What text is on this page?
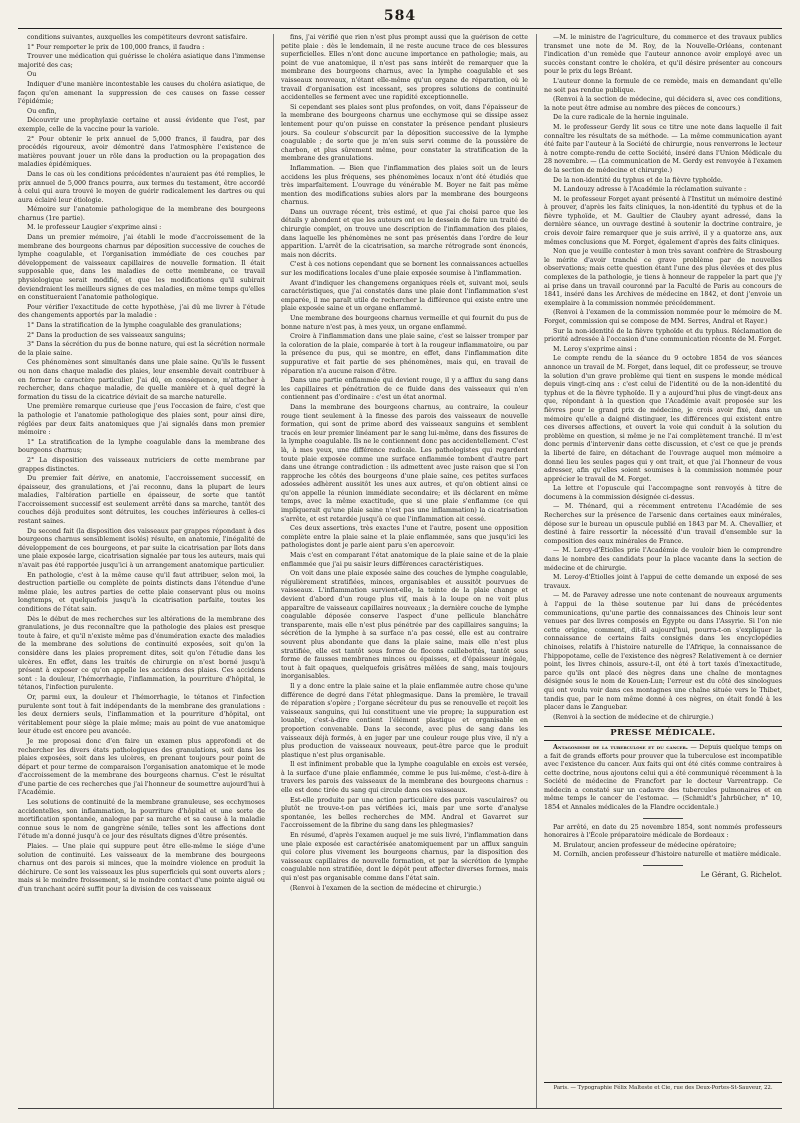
584

conditions suivantes, auxquelles les compétiteurs devront satisfaire.

1° Pour remporter le prix de 100,000 francs, il faudra :

Trouver une médication qui guérisse le choléra asiatique dans l'immense majorité des cas;

Ou

Indiquer d'une manière incontestable les causes du choléra asiatique, de façon qu'en amenant la suppression de ces causes on fasse cesser l'épidémie;

Ou enfin,

Découvrir une prophylaxie certaine et aussi évidente que l'est, par exemple, celle de la vaccine pour la variole.

2° Pour obtenir le prix annuel de 5,000 francs, il faudra, par des procédés rigoureux, avoir démontré dans l'atmosphère l'existence de matières pouvant jouer un rôle dans la production ou la propagation des maladies épidémiques.

Dans le cas où les conditions précédentes n'auraient pas été remplies, le prix annuel de 5,000 francs pourra, aux termes du testament, être accordé à celui qui aura trouvé le moyen de guérir radicalement les dartres ou qui aura éclairé leur étiologie.

Mémoire sur l'anatomie pathologique de la membrane des bourgeons charnus (1re partie).

M. le professeur Laugier s'exprime ainsi :

Dans un premier mémoire, j'ai établi le mode d'accroissement de la membrane des bourgeons charnus par déposition successive de couches de lymphe coagulable, et l'organisation immédiate de ces couches par développement de vaisseaux capillaires de nouvelle formation. Il était supposable que, dans les maladies de cette membrane, ce travail physiologique serait modifié, et que les modifications qu'il subirait deviendraient les meilleurs signes de ces maladies, en même temps qu'elles en constitueraient l'anatomie pathologique.

Pour vérifier l'exactitude de cette hypothèse, j'ai dû me livrer à l'étude des changements apportés par la maladie :

1° Dans la stratification de la lymphe coagulable des granulations;

2° Dans la production de ses vaisseaux sanguins;

3° Dans la sécrétion du pus de bonne nature, qui est la sécrétion normale de la plaie saine.

Ces phénomènes sont simultanés dans une plaie saine. Qu'ils le fussent ou non dans chaque maladie des plaies, leur ensemble devait contribuer à en former le caractère particulier. J'ai dû, en conséquence, m'attacher à rechercher, dans chaque maladie, de quelle manière et à quel degré la formation du tissu de la cicatrice déviait de sa marche naturelle.

Une première remarque curieuse que j'eus l'occasion de faire, c'est que la pathologie et l'anatomie pathologique des plaies sont, pour ainsi dire, réglées par deux faits anatomiques que j'ai signalés dans mon premier mémoire :

1° La stratification de la lymphe coagulable dans la membrane des bourgeons charnus;

2° La disposition des vaisseaux nutriciers de cette membrane par grappes distinctes.

Du premier fait dérive, en anatomie, l'accroissement successif, en épaisseur, des granulations, et j'ai reconnu, dans la plupart de leurs maladies, l'altération partielle en épaisseur, de sorte que tantôt l'accroissement successif est seulement arrêté dans sa marche, tantôt des couches déjà produites sont détruites, les couches inférieures à celles-ci restant saines.

Du second fait (la disposition des vaisseaux par grappes répondant à des bourgeons charnus sensiblement isolés) résulte, en anatomie, l'inégalité de développement de ces bourgeons, et par suite la cicatrisation par îlots dans une plaie exposée large, cicatrisation signalée par tous les auteurs, mais qui n'avait pas été rapportée jusqu'ici à un arrangement anatomique particulier.

En pathologie, c'est à la même cause qu'il faut attribuer, selon moi, la destruction partielle ou complète de points distincts dans l'étendue d'une même plaie, les autres parties de cette plaie conservant plus ou moins longtemps, et quelquefois jusqu'à la cicatrisation parfaite, toutes les conditions de l'état sain.

Dès le début de mes recherches sur les altérations de la membrane des granulations, je dus reconnaître que la pathologie des plaies est presque toute à faire, et qu'il n'existe même pas d'énumération exacte des maladies de la membrane des solutions de continuité exposées, soit qu'on la considère dans les plaies proprement dites, soit qu'on l'étudie dans les ulcères. En effet, dans les traités de chirurgie on n'est borné jusqu'à présent à exposer ce qu'on appelle les accidens des plaies. Ces accidens sont : la douleur, l'hémorrhagie, l'inflammation, la pourriture d'hôpital, le tétanos, l'infection purulente.

Or, parmi eux, la douleur et l'hémorrhagie, le tétanos et l'infection purulente sont tout à fait indépendants de la membrane des granulations : les deux derniers seuls, l'inflammation et la pourriture d'hôpital, ont véritablement pour siège la plaie même; mais au point de vue anatomique leur étude est encore peu avancée.

Je me proposai donc d'en faire un examen plus approfondi et de rechercher les divers états pathologiques des granulations, soit dans les plaies exposées, soit dans les ulcères, en prenant toujours pour point de départ et pour terme de comparaison l'organisation anatomique et le mode d'accroissement de la membrane des bourgeons charnus. C'est le résultat d'une partie de ces recherches que j'ai l'honneur de soumettre aujourd'hui à l'Académie.

Les solutions de continuité de la membrane granuleuse, ses ecchymoses accidentelles, son inflammation, la pourriture d'hôpital et une sorte de mortification spontanée, analogue par sa marche et sa cause à la maladie connue sous le nom de gangrène sénile, telles sont les affections dont l'étude m'a donné jusqu'à ce jour des résultats dignes d'être présentés.

Plaies. — Une plaie qui suppure peut être elle-même le siége d'une solution de continuité. Les vaisseaux de la membrane des bourgeons charnus ont des parois si minces, que la moindre violence en produit la déchirure. Ce sont les vaisseaux les plus superficiels qui sont ouverts alors ; mais si le moindre froissement, si le moindre contact d'une pointe aiguë ou d'un tranchant acéré suffit pour la division de ces vaisseaux

fins, j'ai vérifié que rien n'est plus prompt aussi que la guérison de cette petite plaie : dès le lendemain, il ne reste aucune trace de ces blessures superficielles. Elles n'ont donc aucune importance en pathologie; mais, au point de vue anatomique, il n'est pas sans intérêt de remarquer que la membrane des bourgeons charnus, avec la lymphe coagulable et ses vaisseaux nouveaux, n'étant elle-même qu'un organe de réparation, où le travail d'organisation est incessant, ses propres solutions de continuité accidentelles se ferment avec une rapidité exceptionnelle.

Si cependant ses plaies sont plus profondes, on voit, dans l'épaisseur de la membrane des bourgeons charnus une ecchymose qui se dissipe assez lentement pour qu'on puisse en constater la présence pendant plusieurs jours. Sa couleur s'obscurcit par la déposition successive de la lymphe coagulable ; de sorte que je m'en suis servi comme de la poussière de charbon, et plus sûrement même, pour constater la stratification de la membrane des granulations.

Inflammation. — Bien que l'inflammation des plaies soit un de leurs accidens les plus fréquens, ses phénomènes locaux n'ont été étudiés que très imparfaitement. L'ouvrage du vénérable M. Boyer ne fait pas même mention des modifications subies alors par la membrane des bourgeons charnus.

Dans un ouvrage récent, très estimé, et que j'ai choisi parce que les détails y abondent et que les auteurs ont eu le dessein de faire un traité de chirurgie complet, on trouve une description de l'inflammation des plaies, dans laquelle les phénomènes ne sont pas présentés dans l'ordre de leur apparition. L'arrêt de la cicatrisation, sa marche rétrograde sont énoncés, mais non décrits.

C'est à ces notions cependant que se bornent les connaissances actuelles sur les modifications locales d'une plaie exposée soumise à l'inflammation.

Avant d'indiquer les changemens organiques réels et, suivant moi, seuls caractéristiques, que j'ai constatés dans une plaie dont l'inflammation s'est emparée, il me paraît utile de rechercher la différence qui existe entre une plaie exposée saine et un organe enflammé.

Une membrane des bourgeons charnus vermeille et qui fournit du pus de bonne nature n'est pas, à mes yeux, un organe enflammé.

Croire à l'inflammation dans une plaie saine, c'est se laisser tromper par la coloration de la plaie, comparée à tort à la rougeur inflammatoire, ou par la présence du pus, qui se montre, en effet, dans l'inflammation dite suppurative et fait partie de ses phénomènes, mais qui, en travail de réparation n'a aucune raison d'être.

Dans une partie enflammée qui devient rouge, il y a afflux du sang dans les capillaires et pénétration de ce fluide dans des vaisseaux qui n'en contiennent pas d'ordinaire : c'est un état anormal.

Dans la membrane des bourgeons charnus, au contraire, la couleur rouge tient seulement à la finesse des parois des vaisseaux de nouvelle formation, qui sont de prime abord des vaisseaux sanguins et semblent tracés en leur premier linéament par le sang lui-même, dans des fissures de la lymphe coagulable. Ils ne le contiennent donc pas accidentellement. C'est là, à mes yeux, une différence radicale. Les pathologistes qui regardent toute plaie exposée comme une surface enflammée tombent d'autre part dans une étrange contradiction : ils admettent avec juste raison que si l'on rapproche les côtés des bourgeons d'une plaie saine, ces petites surfaces adossées adhèrent aussitôt les unes aux autres, et qu'on obtient ainsi ce qu'on appelle la réunion immédiate secondaire; et ils déclarent en même temps, avec la même exactitude, que si une plaie s'enflamme (ce qui impliquerait qu'une plaie saine n'est pas une inflammation) la cicatrisation s'arrête, et est retardée jusqu'à ce que l'inflammation ait cessé.

Ces deux assertions, très exactes l'une et l'autre, posent une opposition complète entre la plaie saine et la plaie enflammée, sans que jusqu'ici les pathologistes dont je parle aient paru s'en apercevoir.

Mais c'est en comparant l'état anatomique de la plaie saine et de la plaie enflammée que j'ai pu saisir leurs différences caractéristiques.

On voit dans une plaie exposée saine des couches de lymphe coagulable, régulièrement stratifiées, minces, organisables et aussitôt pourvues de vaisseaux. L'inflammation survient-elle, la teinte de la plaie change et devient d'abord d'un rouge plus vif, mais à la loupe on ne voit plus apparaître de vaisseaux capillaires nouveaux ; la dernière couche de lymphe coagulable déposée conserve l'aspect d'une pellicule blanchâtre transparente, mais elle n'est plus pénétrée par des capillaires sanguins; la sécrétion de la lymphe à sa surface n'a pas cessé, elle est au contraire souvent plus abondante que dans la plaie saine, mais elle n'est plus stratifiée, elle est tantôt sous forme de flocons caillebottés, tantôt sous forme de fausses membranes minces ou épaisses, et d'épaisseur inégale, tout à fait opaques, quelquefois grisâtres mêlées de sang, mais toujours inorganisables.

Il y a donc entre la plaie saine et la plaie enflammée autre chose qu'une différence de degré dans l'état phlegmasique. Dans la première, le travail de réparation s'opère ; l'organe sécréteur du pus se renouvelle et reçoit les vaisseaux sanguins, qui lui constituent une vie propre; la suppuration est louable, c'est-à-dire contient l'élément plastique et organisable en proportion convenable. Dans la seconde, avec plus de sang dans les vaisseaux déjà formés, à en juger par une couleur rouge plus vive, il n'y a plus production de vaisseaux nouveaux, peut-être parce que le produit plastique n'est plus organisable.

Il est infiniment probable que la lymphe coagulable en excès est versée, à la surface d'une plaie enflammée, comme le pus lui-même, c'est-à-dire à travers les parois des vaisseaux de la membrane des bourgeons charnus : elle est donc tirée du sang qui circule dans ces vaisseaux.

Est-elle produite par une action particulière des parois vasculaires? ou plutôt ne trouve-t-on pas vérifiées ici, mais par une sorte d'analyse spontanée, les belles recherches de MM. Andral et Gavarret sur l'accroissement de la fibrine du sang dans les phlegmasies?

En résumé, d'après l'examen auquel je me suis livré, l'inflammation dans une plaie exposée est caractérisée anatomiquement par un afflux sanguin qui colore plus vivement les bourgeons charnus, par la disposition des vaisseaux capillaires de nouvelle formation, et par la sécrétion de lymphe coagulable non stratifiée, dont le dépôt peut affecter diverses formes, mais qui n'est pas organisable comme dans l'état sain.

(Renvoi à l'examen de la section de médecine et chirurgie.)

—M. le ministre de l'agriculture, du commerce et des travaux publics transmet une note de M. Roy, de la Nouvelle-Orléans, contenant l'indication d'un remède que l'auteur annonce avoir employé avec un succès constant contre le choléra, et qu'il désire présenter au concours pour le prix du legs Bréant.

L'auteur donne la formule de ce remède, mais en demandant qu'elle ne soit pas rendue publique.

(Renvoi à la section de médecine, qui décidera si, avec ces conditions, la note peut être admise au nombre des pièces de concours.)

De la cure radicale de la hernie inguinale.

M. le professeur Gerdy lit sous ce titre une note dans laquelle il fait connaître les résultats de sa méthode. — La même communication ayant été faite par l'auteur à la Société de chirurgie, nous renverrons le lecteur à notre compte-rendu de cette Société, inséré dans l'Union Médicale du 28 novembre. — (La communication de M. Gerdy est renvoyée à l'examen de la section de médecine et chirurgie.)

De la non-identité du typhus et de la fièvre typhoïde.

M. Landouzy adresse à l'Académie la réclamation suivante :

M. le professeur Forget ayant présenté à l'Institut un mémoire destiné à prouver, d'après les faits cliniques, la non-identité du typhus et de la fièvre typhoïde, et M. Gaultier de Claubry ayant adressé, dans la dernière séance, un ouvrage destiné à soutenir la doctrine contraire, je crois devoir faire remarquer que je suis arrivé, il y a quatorze ans, aux mêmes conclusions que M. Forget, également d'après des faits cliniques.

Non que je veuille contester à mon très savant confrère de Strasbourg le mérite d'avoir tranché ce grave problème par de nouvelles observations; mais cette question étant l'une des plus élevées et des plus complexes de la pathologie, je tiens à honneur de rappeler la part que j'y ai prise dans un travail couronné par la Faculté de Paris au concours de 1841, inséré dans les Archives de médecine en 1842, et dont j'envoie un exemplaire à la commission nommée précédemment.

(Renvoi à l'examen de la commission nommée pour le mémoire de M. Forget, commission qui se compose de MM. Serres, Andral et Rayer.)

Sur la non-identité de la fièvre typhoïde et du typhus. Réclamation de priorité adressée à l'occasion d'une communication récente de M. Forget.

M. Leroy s'exprime ainsi :

Le compte rendu de la séance du 9 octobre 1854 de vos séances annonce un travail de M. Forget, dans lequel, dit ce professeur, se trouve la solution d'un grave problème qui tient en suspens le monde médical depuis vingt-cinq ans : c'est celui de l'identité ou de la non-identité du typhus et de la fièvre typhoïde. Il y a aujourd'hui plus de vingt-deux ans que, répondant à la question que l'Académie avait proposée sur les fièvres pour le grand prix de médecine, je crois avoir fixé, dans un mémoire qu'elle a daigné distinguer, les différences qui existent entre ces diverses affections, et ouvert la voie qui conduit à la solution du problème en question, si même je ne l'ai complètement tranché. Il m'est donc permis d'intervenir dans cette discussion, et c'est ce que je prends la liberté de faire, en détachant de l'ouvrage auquel mon mémoire a donné lieu les seules pages qui y ont trait, et que j'ai l'honneur de vous adresser, afin qu'elles soient soumises à la commission nommée pour apprécier le travail de M. Forget.

La lettre et l'opuscule qui l'accompagne sont renvoyés à titre de documens à la commission désignée ci-dessus.

— M. Thénard, qui a récemment entretenu l'Académie de ses Recherches sur la présence de l'arsenic dans certaines eaux minérales, dépose sur le bureau un opuscule publié en 1843 par M. A. Chevallier, et destiné à faire ressortir la nécessité d'un travail d'ensemble sur la composition des eaux minérales de France.

— M. Leroy-d'Étiolles prie l'Académie de vouloir bien le comprendre dans le nombre des candidats pour la place vacante dans la section de médecine et de chirurgie.

M. Leroy-d'Étiolles joint à l'appui de cette demande un exposé de ses travaux.

— M. de Paravey adresse une note contenant de nouveaux arguments à l'appui de la thèse soutenue par lui dans de précédentes communications, qu'une partie des connaissances des Chinois leur sont venues par des livres composés en Égypte ou dans l'Assyrie. Si l'on nie cette origine, comment, dit-il aujourd'hui, pourra-t-on s'expliquer la connaissance de certains faits consignés dans les encyclopédies chinoises, relatifs à l'histoire naturelle de l'Afrique, la connaissance de l'hippopotame, celle de l'existence des nègres? Relativement à ce dernier point, les livres chinois, assure-t-il, ont été à tort taxés d'inexactitude, parce qu'ils ont placé des nègres dans une chaîne de montagnes désignée sous le nom de Kouen-Lun; l'erreur est du côté des sinologues qui ont voulu voir dans ces montagnes une chaîne située vers le Thibet, tandis que, par le nom même donné à ces nègres, on était fondé à les placer dans le Zanguebar.

(Renvoi à la section de médecine et de chirurgie.)

PRESSE MÉDICALE.

Antagonisme de la tuberculose et du cancer. — Depuis quelque temps on a fait de grands efforts pour prouver que la tuberculose est incompatible avec l'existence du cancer. Aux faits qui ont été cités comme contraires à cette doctrine, nous ajoutons celui qui a été communiqué récemment à la Société de médecine de Francfort par le docteur Varrentrapp. Ce médecin a constaté sur un cadavre des tubercules pulmonaires et en même temps le cancer de l'estomac. — (Schmidt's Jahrbücher, n° 10, 1854 et Annales médicales de la Flandre occidentale.)

Par arrêté, en date du 25 novembre 1854, sont nommés professeurs honoraires à l'École préparatoire médicale de Bordeaux :

M. Brulatour, ancien professeur de médecine opératoire;

M. Cornilh, ancien professeur d'histoire naturelle et matière médicale.

Le Gérant, G. Richelot.
Paris. — Typographie Félix Malteste et Cie, rue des Deux-Portes-St-Sauveur, 22.
